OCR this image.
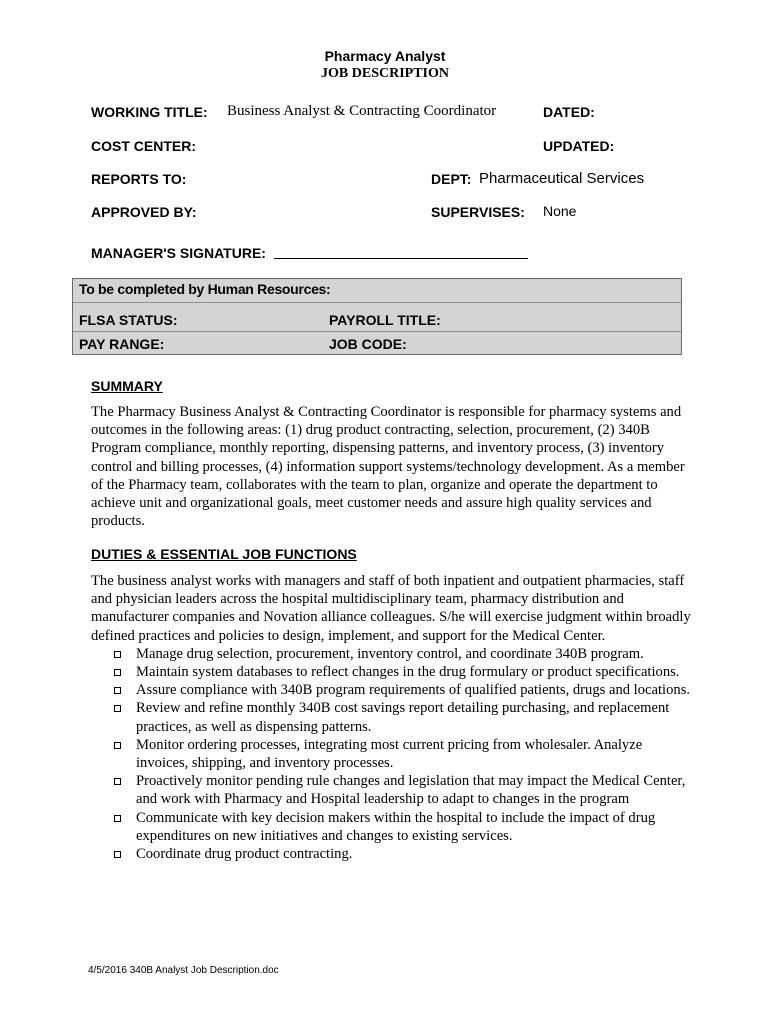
Pharmacy Analyst
JOB DESCRIPTION
WORKING TITLE: Business Analyst & Contracting Coordinator	DATED:
COST CENTER:	UPDATED:
REPORTS TO:	DEPT: Pharmaceutical Services
APPROVED BY:	SUPERVISES: None
MANAGER'S SIGNATURE:
To be completed by Human Resources:
FLSA STATUS:	PAYROLL TITLE:
PAY RANGE:	JOB CODE:
SUMMARY

The Pharmacy Business Analyst & Contracting Coordinator is responsible for pharmacy systems and outcomes in the following areas: (1) drug product contracting, selection, procurement, (2) 340B Program compliance, monthly reporting, dispensing patterns, and inventory process, (3) inventory control and billing processes, (4) information support systems/technology development. As a member of the Pharmacy team, collaborates with the team to plan, organize and operate the department to achieve unit and organizational goals, meet customer needs and assure high quality services and products.

DUTIES & ESSENTIAL JOB FUNCTIONS

The business analyst works with managers and staff of both inpatient and outpatient pharmacies, staff and physician leaders across the hospital multidisciplinary team, pharmacy distribution and manufacturer companies and Novation alliance colleagues. S/he will exercise judgment within broadly defined practices and policies to design, implement, and support for the Medical Center.

Manage drug selection, procurement, inventory control, and coordinate 340B program.
Maintain system databases to reflect changes in the drug formulary or product specifications.
Assure compliance with 340B program requirements of qualified patients, drugs and locations.
Review and refine monthly 340B cost savings report detailing purchasing, and replacement practices, as well as dispensing patterns.
Monitor ordering processes, integrating most current pricing from wholesaler. Analyze invoices, shipping, and inventory processes.
Proactively monitor pending rule changes and legislation that may impact the Medical Center, and work with Pharmacy and Hospital leadership to adapt to changes in the program
Communicate with key decision makers within the hospital to include the impact of drug expenditures on new initiatives and changes to existing services.
Coordinate drug product contracting.
4/5/2016 340B Analyst Job Description.doc
